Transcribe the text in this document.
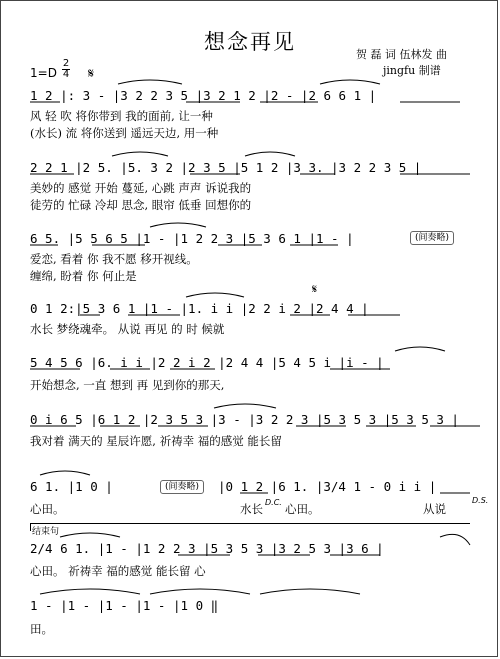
想念再见
贺 磊 词 伍林发 曲
jingfu 制谱
1=D
2
4 𝄋
1 2 |: 3 - |3 2 2 3 5 |3 2 1 2 |2 - |2 6 6 1 |
风 轻 吹 将你带到 我的面前, 让一种
(水长) 流 将你送到 遥远天边, 用一种
2 2 1 |2 5. |5. 3 2 |2 3 5 |5 1 2 |3 3. |3 2 2 3 5 |
美妙的 感觉 开始 蔓延, 心跳 声声 诉说我的
徒劳的 忙碌 冷却 思念, 眼帘 低垂 回想你的
6 5. |5 5 6 5 |1 - |1 2 2 3 |5 3 6 1 |1 - |	(间奏略)
爱恋, 看着 你 我不愿 移开视线。
缠绵, 盼着 你 何止是
0 1 2:|5 3 6 1 |1 - |1. i i |2 2 i 2 |2 4 4 |
𝄋
水长 梦绕魂牵。 从说 再见 的 时 候就
5 4 5 6 |6. i i |2 2 i 2 |2 4 4 |5 4 5 i |i - |
开始想念, 一直 想到 再 见到你的那天,
0 i 6 5 |6 1 2 |2 3 5 3 |3 - |3 2 2 3 |5 3 5 3 |5 3 5 3 |
我对着 满天的 星辰许愿, 祈祷幸 福的感觉 能长留
6 1. |1 0 |	(间奏略)	|0 1 2 |6 1. |3/4 1 - 0 i i |
D.C.	D.S.
心田。	水长 心田。	从说
结束句
2/4 6 1. |1 - |1 2 2 3 |5 3 5 3 |3 2 5 3 |3 6 |
心田。 祈祷幸 福的感觉 能长留 心
1 - |1 - |1 - |1 - |1 0 ‖
田。
